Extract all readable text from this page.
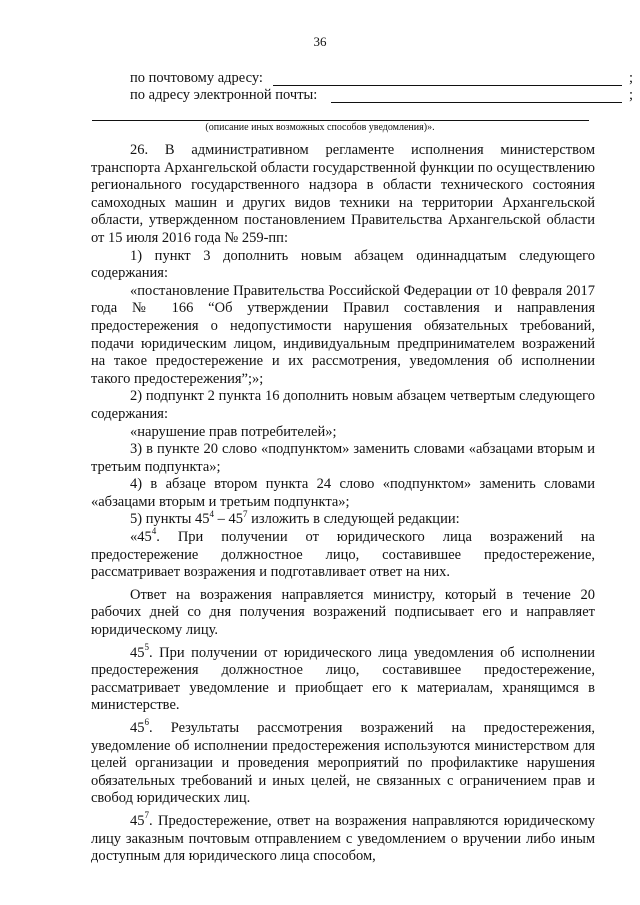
36
по почтовому адресу:	;
по адресу электронной почты:	;
(описание иных возможных способов уведомления)».

26. В административном регламенте исполнения министерством транспорта Архангельской области государственной функции по осуществлению регионального государственного надзора в области технического состояния самоходных машин и других видов техники на территории Архангельской области, утвержденном постановлением Правительства Архангельской области от 15 июля 2016 года № 259-пп:

1) пункт 3 дополнить новым абзацем одиннадцатым следующего содержания:

«постановление Правительства Российской Федерации от 10 февраля 2017 года № 166 “Об утверждении Правил составления и направления предостережения о недопустимости нарушения обязательных требований, подачи юридическим лицом, индивидуальным предпринимателем возражений на такое предостережение и их рассмотрения, уведомления об исполнении такого предостережения”;»;

2) подпункт 2 пункта 16 дополнить новым абзацем четвертым следующего содержания:

«нарушение прав потребителей»;

3) в пункте 20 слово «подпунктом» заменить словами «абзацами вторым и третьим подпункта»;

4) в абзаце втором пункта 24 слово «подпунктом» заменить словами «абзацами вторым и третьим подпункта»;

5) пункты $45^4 - 45^7$ изложить в следующей редакции:

«$45^4$. При получении от юридического лица возражений на предостережение должностное лицо, составившее предостережение, рассматривает возражения и подготавливает ответ на них.

Ответ на возражения направляется министру, который в течение 20 рабочих дней со дня получения возражений подписывает его и направляет юридическому лицу.

$45^5$. При получении от юридического лица уведомления об исполнении предостережения должностное лицо, составившее предостережение, рассматривает уведомление и приобщает его к материалам, хранящимся в министерстве.

$45^6$. Результаты рассмотрения возражений на предостережения, уведомление об исполнении предостережения используются министерством для целей организации и проведения мероприятий по профилактике нарушения обязательных требований и иных целей, не связанных с ограничением прав и свобод юридических лиц.

$45^7$. Предостережение, ответ на возражения направляются юридическому лицу заказным почтовым отправлением с уведомлением о вручении либо иным доступным для юридического лица способом,
